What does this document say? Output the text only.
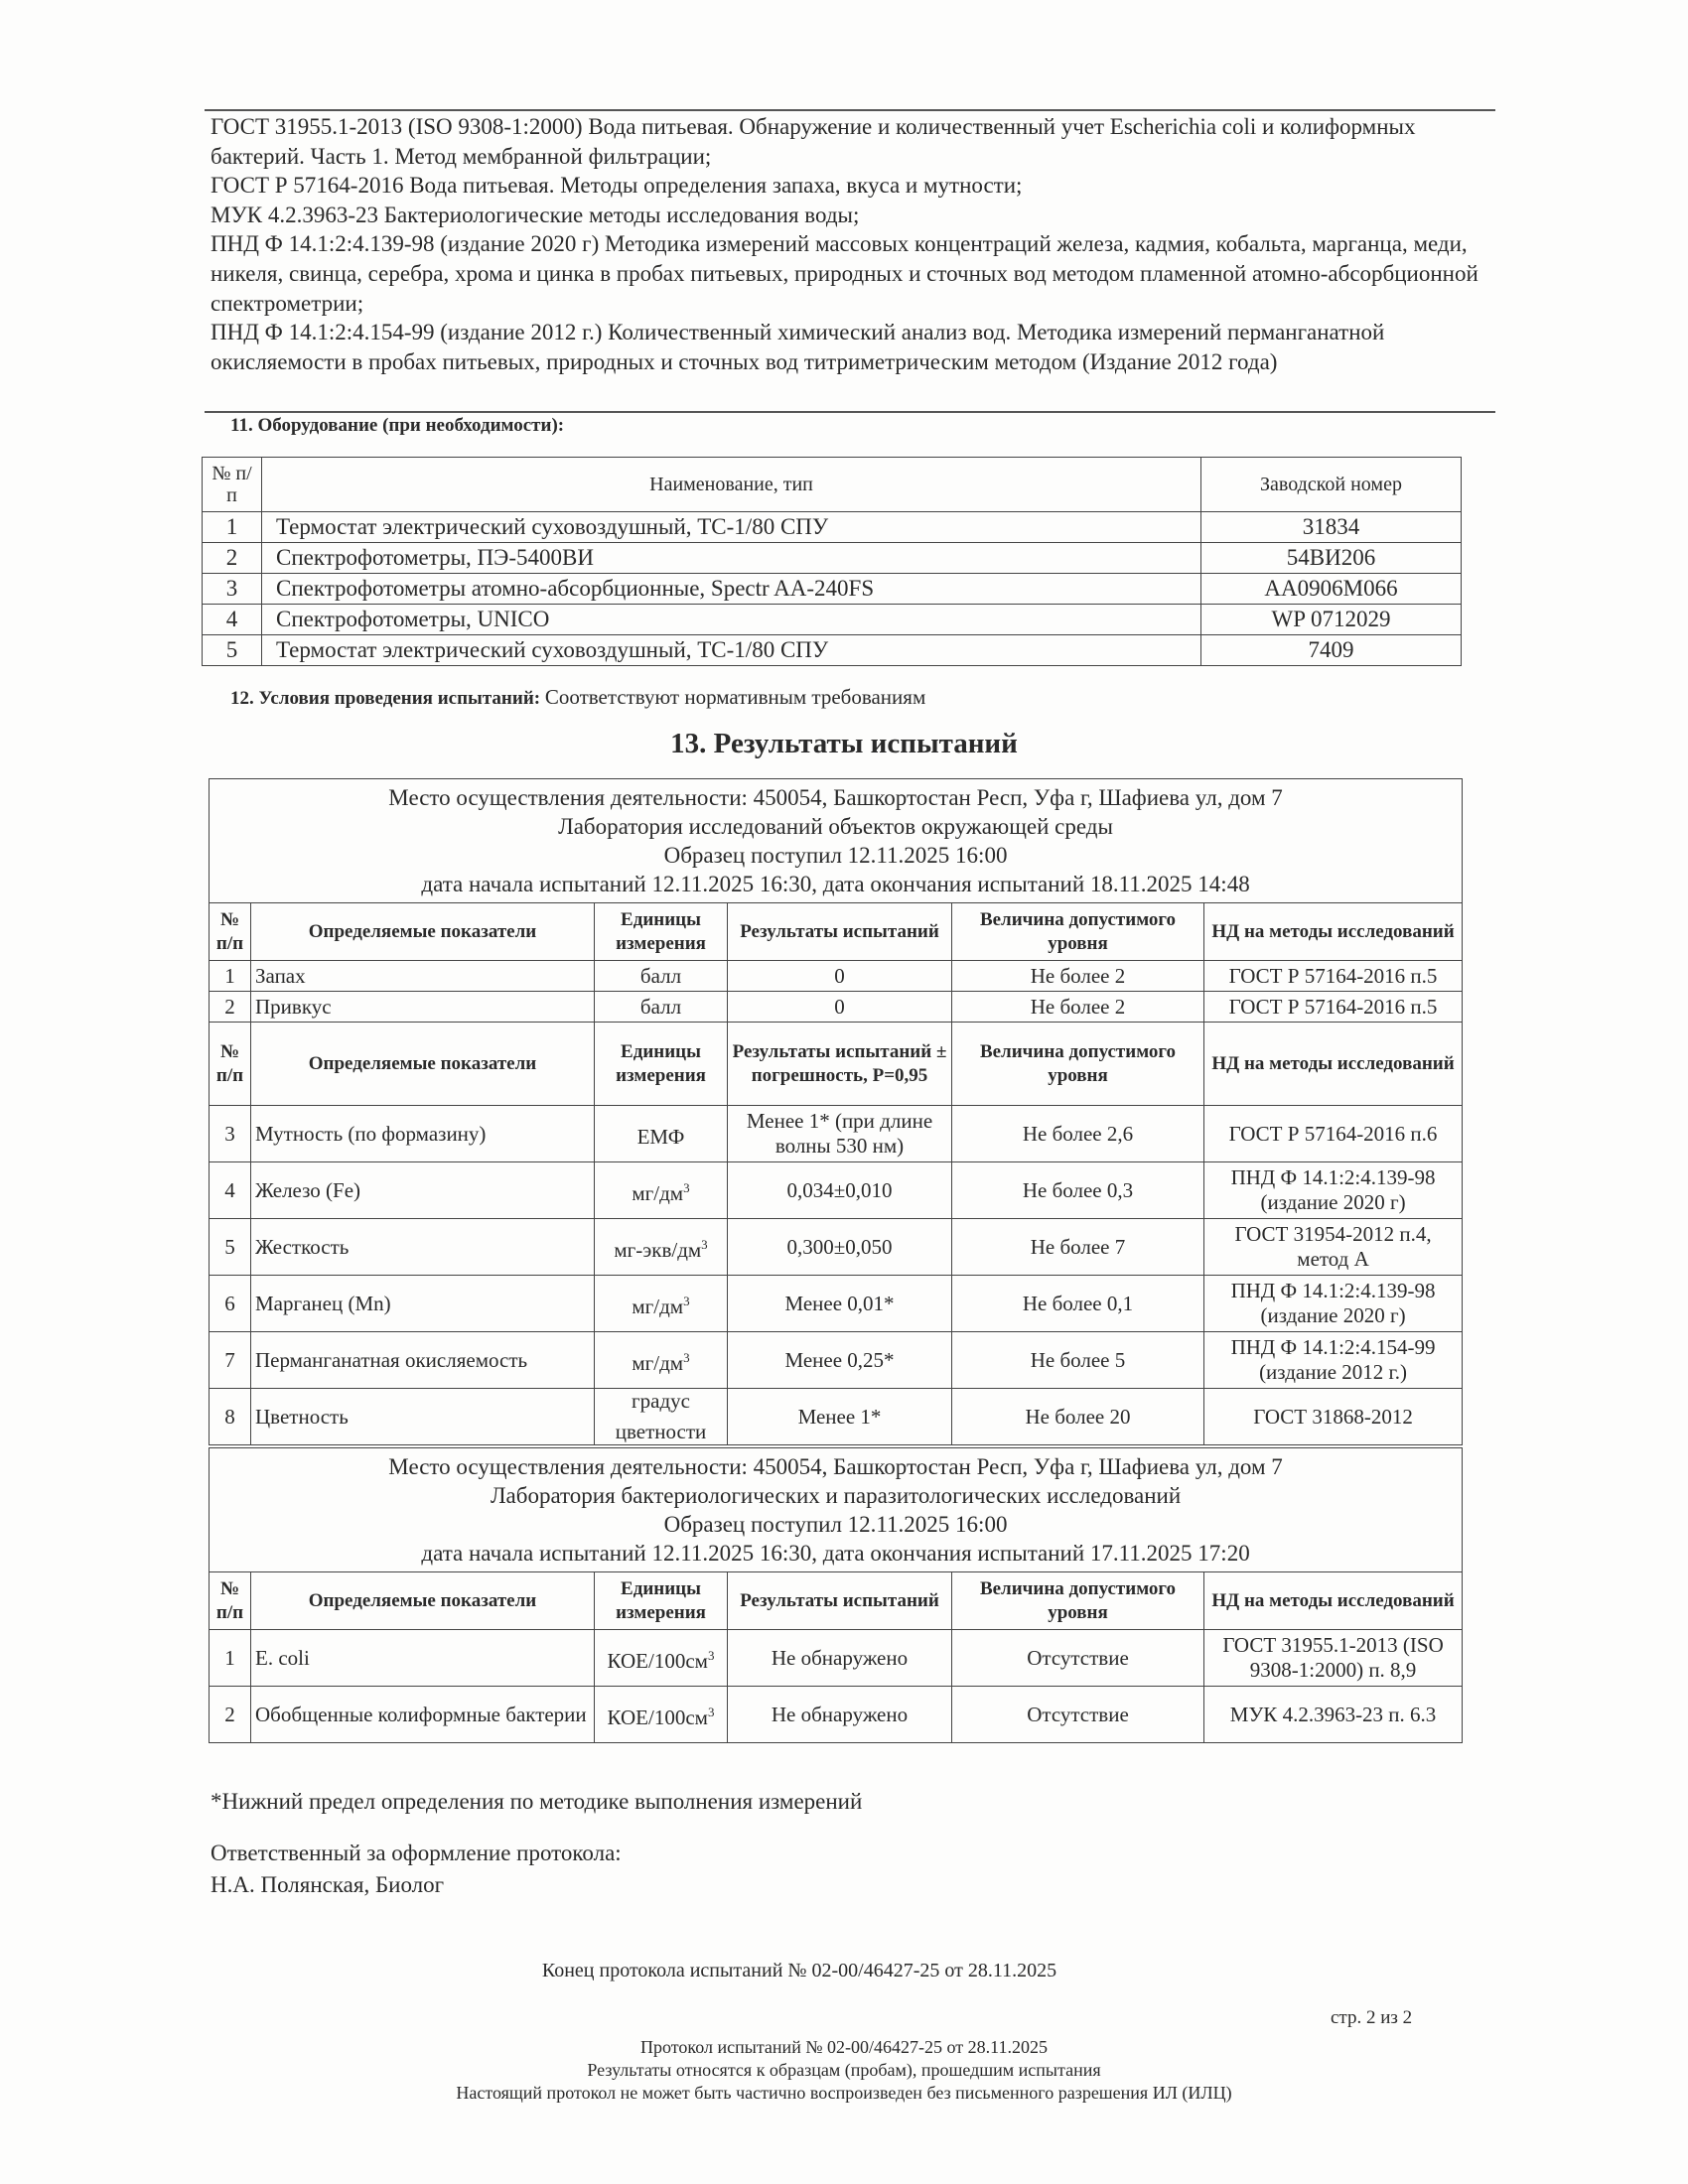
ГОСТ 31955.1-2013 (ISO 9308-1:2000) Вода питьевая. Обнаружение и количественный учет Escherichia coli и колиформных бактерий. Часть 1. Метод мембранной фильтрации;

ГОСТ Р 57164-2016 Вода питьевая. Методы определения запаха, вкуса и мутности;

МУК 4.2.3963-23 Бактериологические методы исследования воды;

ПНД Ф 14.1:2:4.139-98 (издание 2020 г) Методика измерений массовых концентраций железа, кадмия, кобальта, марганца, меди, никеля, свинца, серебра, хрома и цинка в пробах питьевых, природных и сточных вод методом пламенной атомно-абсорбционной спектрометрии;

ПНД Ф 14.1:2:4.154-99 (издание 2012 г.) Количественный химический анализ вод. Методика измерений перманганатной окисляемости в пробах питьевых, природных и сточных вод титриметрическим методом (Издание 2012 года)

11. Оборудование (при необходимости):
№ п/п	Наименование, тип	Заводской номер
1	Термостат электрический суховоздушный, ТС-1/80 СПУ	31834
2	Спектрофотометры, ПЭ-5400ВИ	54ВИ206
3	Спектрофотометры атомно-абсорбционные, Spectr AA-240FS	AA0906M066
4	Спектрофотометры, UNICO	WP 0712029
5	Термостат электрический суховоздушный, ТС-1/80 СПУ	7409
12. Условия проведения испытаний: Соответствуют нормативным требованиям
13. Результаты испытаний
Место осуществления деятельности: 450054, Башкортостан Респ, Уфа г, Шафиева ул, дом 7
Лаборатория исследований объектов окружающей среды
Образец поступил 12.11.2025 16:00
дата начала испытаний 12.11.2025 16:30, дата окончания испытаний 18.11.2025 14:48					

№ п/п	Определяемые показатели	Единицы измерения	Результаты испытаний	Величина допустимого уровня	НД на методы исследований
1	Запах	балл	0	Не более 2	ГОСТ Р 57164-2016 п.5
2	Привкус	балл	0	Не более 2	ГОСТ Р 57164-2016 п.5
№ п/п	Определяемые показатели	Единицы измерения	Результаты испытаний ± погрешность, P=0,95	Величина допустимого уровня	НД на методы исследований
3	Мутность (по формазину)	ЕМФ	Менее 1* (при длине волны 530 нм)	Не более 2,6	ГОСТ Р 57164-2016 п.6
4	Железо (Fe)	$мг/дм^3$	0,034±0,010	Не более 0,3	ПНД Ф 14.1:2:4.139-98 (издание 2020 г)
5	Жесткость	$мг-экв/дм^3$	0,300±0,050	Не более 7	ГОСТ 31954-2012 п.4, метод А
6	Марганец (Mn)	$мг/дм^3$	Менее 0,01*	Не более 0,1	ПНД Ф 14.1:2:4.139-98 (издание 2020 г)
7	Перманганатная окисляемость	$мг/дм^3$	Менее 0,25*	Не более 5	ПНД Ф 14.1:2:4.154-99 (издание 2012 г.)
8	Цветность	градус цветности	Менее 1*	Не более 20	ГОСТ 31868-2012
Место осуществления деятельности: 450054, Башкортостан Респ, Уфа г, Шафиева ул, дом 7
Лаборатория бактериологических и паразитологических исследований
Образец поступил 12.11.2025 16:00
дата начала испытаний 12.11.2025 16:30, дата окончания испытаний 17.11.2025 17:20					

№ п/п	Определяемые показатели	Единицы измерения	Результаты испытаний	Величина допустимого уровня	НД на методы исследований
1	E. coli	КОЕ/$100см^3$	Не обнаружено	Отсутствие	ГОСТ 31955.1-2013 (ISO 9308-1:2000) п. 8,9
2	Обобщенные колиформные бактерии	КОЕ/$100см^3$	Не обнаружено	Отсутствие	МУК 4.2.3963-23 п. 6.3
*Нижний предел определения по методике выполнения измерений
Ответственный за оформление протокола:
Н.А. Полянская, Биолог
Конец протокола испытаний № 02-00/46427-25 от 28.11.2025
стр. 2 из 2
Протокол испытаний № 02-00/46427-25 от 28.11.2025
Результаты относятся к образцам (пробам), прошедшим испытания
Настоящий протокол не может быть частично воспроизведен без письменного разрешения ИЛ (ИЛЦ)
